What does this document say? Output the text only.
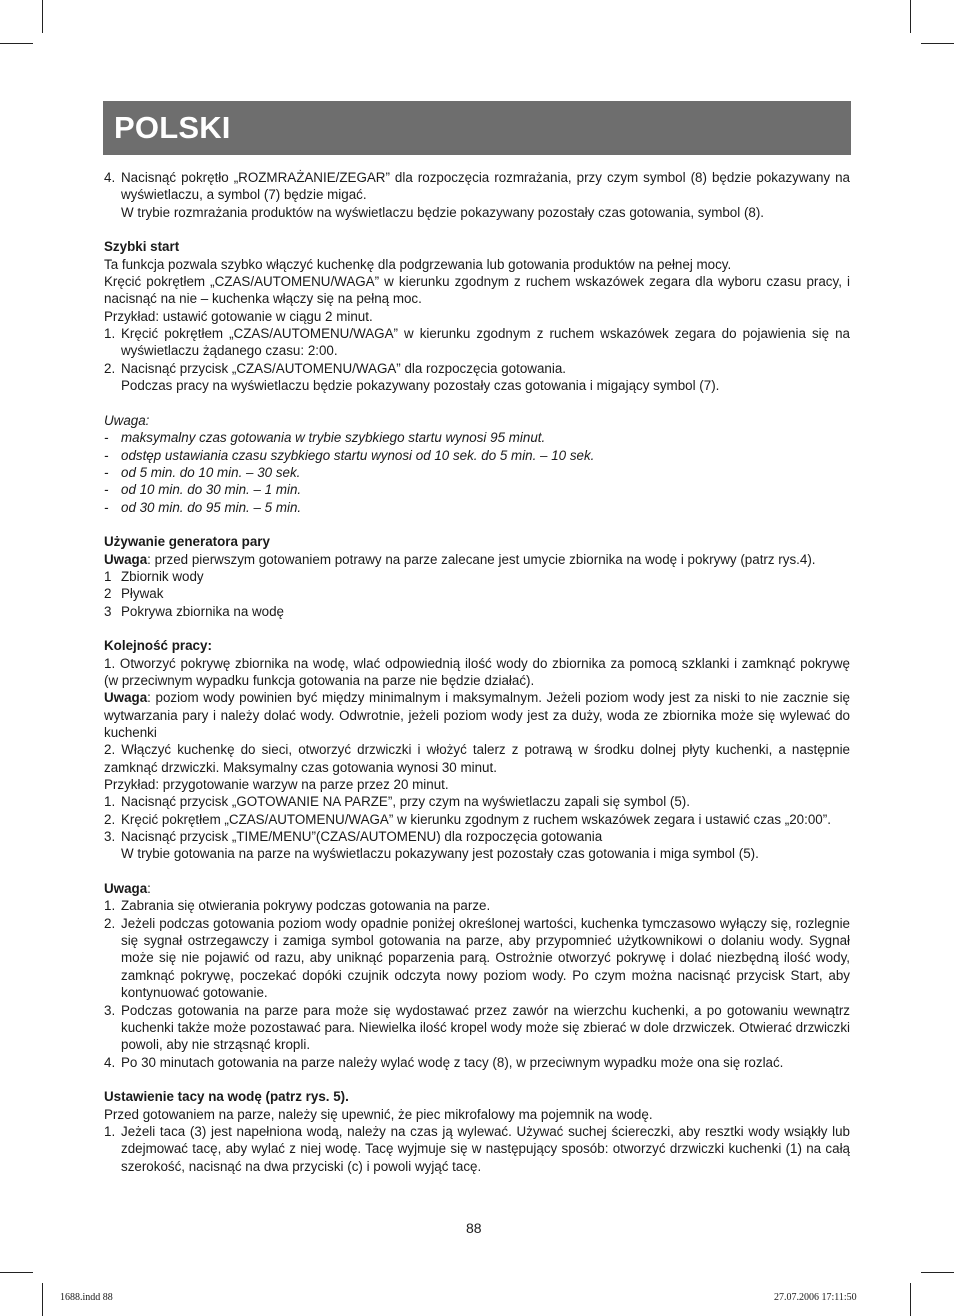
POLSKI
4. Nacisnąć pokrętło „ROZMRAŻANIE/ZEGAR” dla rozpoczęcia rozmrażania, przy czym symbol (8) będzie pokazywany na wyświetlaczu, a symbol (7) będzie migać.

W trybie rozmrażania produktów na wyświetlaczu będzie pokazywany pozostały czas gotowania, symbol (8).

Szybki start

Ta funkcja pozwala szybko włączyć kuchenkę dla podgrzewania lub gotowania produktów na pełnej mocy.

Kręcić pokrętłem „CZAS/AUTOMENU/WAGA” w kierunku zgodnym z ruchem wskazówek zegara dla wyboru czasu pracy, i nacisnąć na nie – kuchenka włączy się na pełną moc.

Przykład: ustawić gotowanie w ciągu 2 minut.

1. Kręcić pokrętłem „CZAS/AUTOMENU/WAGA” w kierunku zgodnym z ruchem wskazówek zegara do pojawienia się na wyświetlaczu żądanego czasu: 2:00.
2. Nacisnąć przycisk „CZAS/AUTOMENU/WAGA” dla rozpoczęcia gotowania.

Podczas pracy na wyświetlaczu będzie pokazywany pozostały czas gotowania i migający symbol (7).

Uwaga:

- maksymalny czas gotowania w trybie szybkiego startu wynosi 95 minut.
- odstęp ustawiania czasu szybkiego startu wynosi od 10 sek. do 5 min. – 10 sek.
- od 5 min. do 10 min. – 30 sek.
- od 10 min. do 30 min. – 1 min.
- od 30 min. do 95 min. – 5 min.

Używanie generatora pary

Uwaga: przed pierwszym gotowaniem potrawy na parze zalecane jest umycie zbiornika na wodę i pokrywy (patrz rys.4).

1 Zbiornik wody
2 Pływak
3 Pokrywa zbiornika na wodę

Kolejność pracy:

1. Otworzyć pokrywę zbiornika na wodę, wlać odpowiednią ilość wody do zbiornika za pomocą szklanki i zamknąć pokrywę (w przeciwnym wypadku funkcja gotowania na parze nie będzie działać).

Uwaga: poziom wody powinien być między minimalnym i maksymalnym. Jeżeli poziom wody jest za niski to nie zacznie się wytwarzania pary i należy dolać wody. Odwrotnie, jeżeli poziom wody jest za duży, woda ze zbiornika może się wylewać do kuchenki

2. Włączyć kuchenkę do sieci, otworzyć drzwiczki i włożyć talerz z potrawą w środku dolnej płyty kuchenki, a następnie zamknąć drzwiczki. Maksymalny czas gotowania wynosi 30 minut.

Przykład: przygotowanie warzyw na parze przez 20 minut.

1. Nacisnąć przycisk „GOTOWANIE NA PARZE”, przy czym na wyświetlaczu zapali się symbol (5).
2. Kręcić pokrętłem „CZAS/AUTOMENU/WAGA” w kierunku zgodnym z ruchem wskazówek zegara i ustawić czas „20:00”.
3. Nacisnąć przycisk „TIME/MENU”(CZAS/AUTOMENU) dla rozpoczęcia gotowania

W trybie gotowania na parze na wyświetlaczu pokazywany jest pozostały czas gotowania i miga symbol (5).

Uwaga:

1. Zabrania się otwierania pokrywy podczas gotowania na parze.
2. Jeżeli podczas gotowania poziom wody opadnie poniżej określonej wartości, kuchenka tymczasowo wyłączy się, rozlegnie się sygnał ostrzegawczy i zamiga symbol gotowania na parze, aby przypomnieć użytkownikowi o dolaniu wody. Sygnał może się nie pojawić od razu, aby uniknąć poparzenia parą. Ostrożnie otworzyć pokrywę i dolać niezbędną ilość wody, zamknąć pokrywę, poczekać dopóki czujnik odczyta nowy poziom wody. Po czym można nacisnąć przycisk Start, aby kontynuować gotowanie.
3. Podczas gotowania na parze para może się wydostawać przez zawór na wierzchu kuchenki, a po gotowaniu wewnątrz kuchenki także może pozostawać para. Niewielka ilość kropel wody może się zbierać w dole drzwiczek. Otwierać drzwiczki powoli, aby nie strząsnąć kropli.
4. Po 30 minutach gotowania na parze należy wylać wodę z tacy (8), w przeciwnym wypadku może ona się rozlać.

Ustawienie tacy na wodę (patrz rys. 5).

Przed gotowaniem na parze, należy się upewnić, że piec mikrofalowy ma pojemnik na wodę.

1. Jeżeli taca (3) jest napełniona wodą, należy na czas ją wylewać. Używać suchej ściereczki, aby resztki wody wsiąkły lub zdejmować tacę, aby wylać z niej wodę. Tacę wyjmuje się w następujący sposób: otworzyć drzwiczki kuchenki (1) na całą szerokość, nacisnąć na dwa przyciski (c) i powoli wyjąć tacę.
88
1688.indd 88	27.07.2006 17:11:50
